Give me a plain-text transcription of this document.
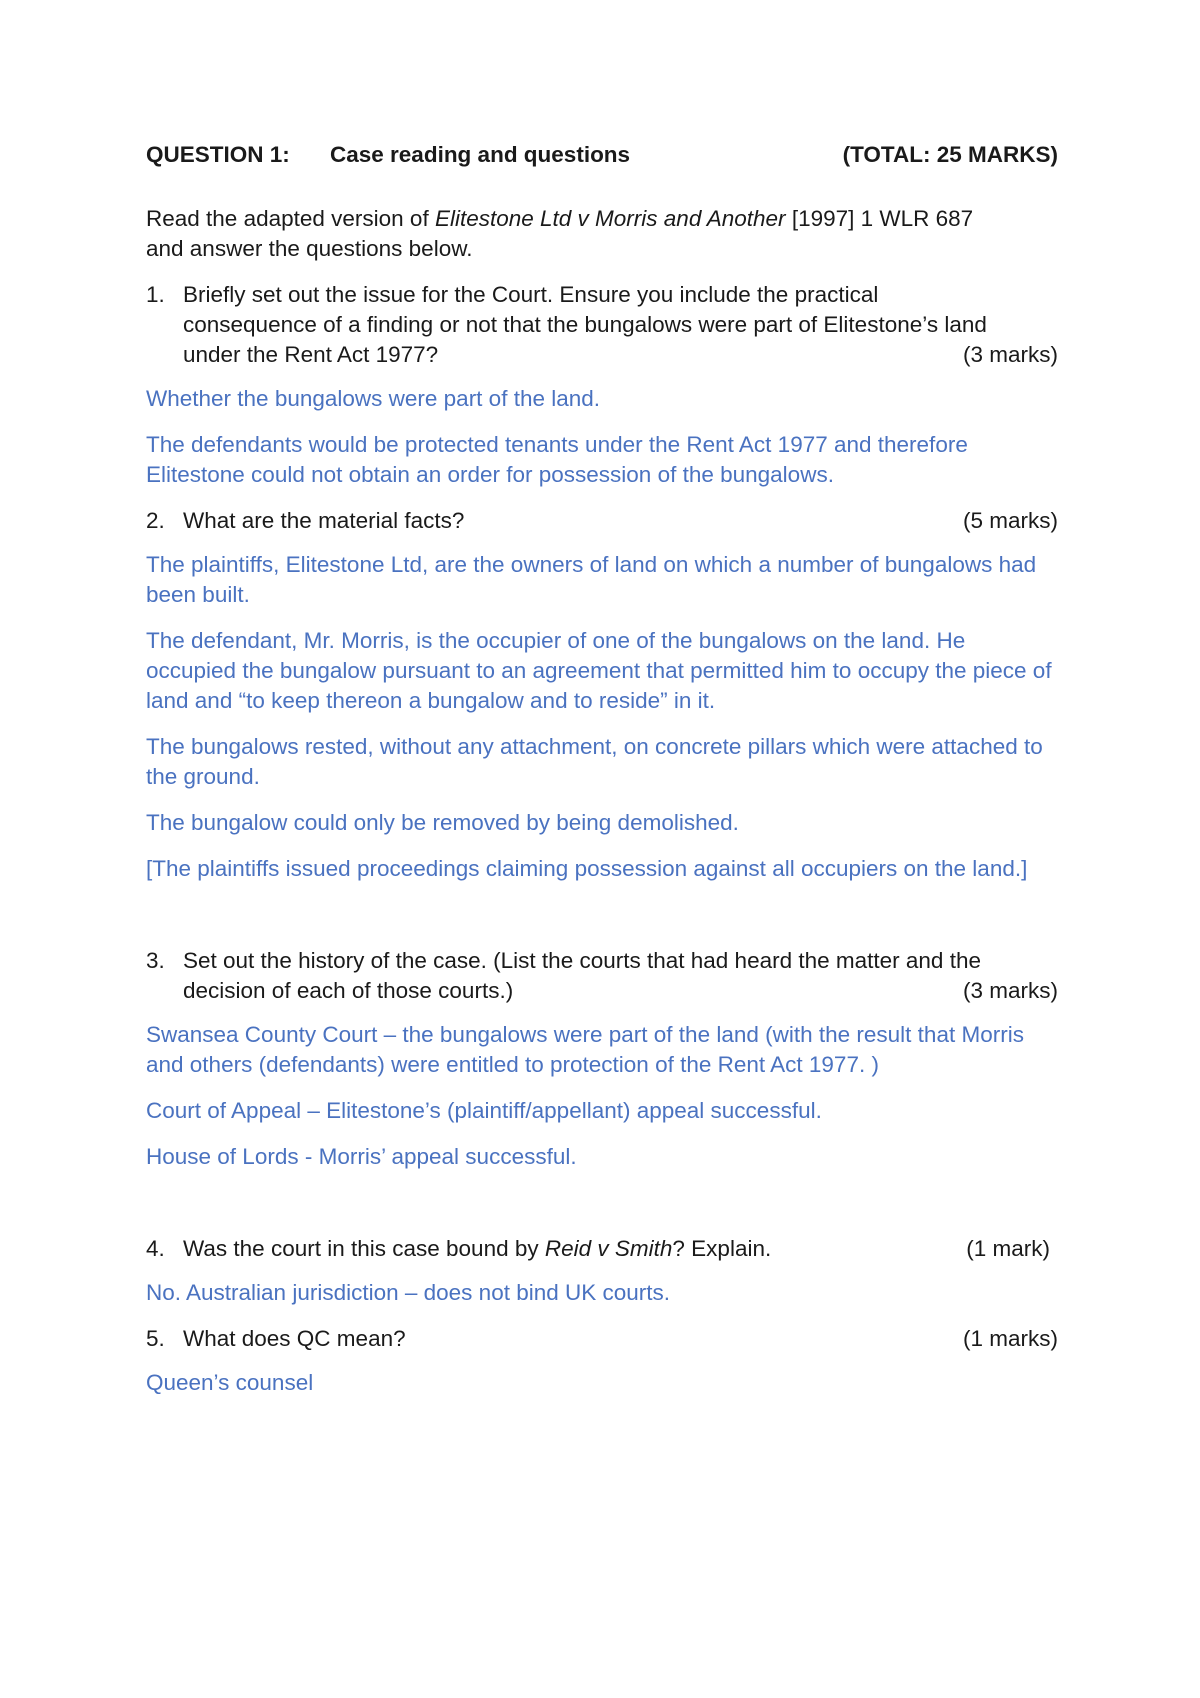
QUESTION 1:	Case reading and questions	(TOTAL: 25 MARKS)
Read the adapted version of Elitestone Ltd v Morris and Another [1997] 1 WLR 687
and answer the questions below.
1. Briefly set out the issue for the Court. Ensure you include the practical
consequence of a finding or not that the bungalows were part of Elitestone’s land
under the Rent Act 1977?	(3 marks)
Whether the bungalows were part of the land.
The defendants would be protected tenants under the Rent Act 1977 and therefore Elitestone could not obtain an order for possession of the bungalows.
2. What are the material facts?	(5 marks)
The plaintiffs, Elitestone Ltd, are the owners of land on which a number of bungalows had been built.
The defendant, Mr. Morris, is the occupier of one of the bungalows on the land. He occupied the bungalow pursuant to an agreement that permitted him to occupy the piece of land and “to keep thereon a bungalow and to reside” in it.
The bungalows rested, without any attachment, on concrete pillars which were attached to the ground.
The bungalow could only be removed by being demolished.
[The plaintiffs issued proceedings claiming possession against all occupiers on the land.]
3. Set out the history of the case. (List the courts that had heard the matter and the
decision of each of those courts.)	(3 marks)
Swansea County Court – the bungalows were part of the land (with the result that Morris and others (defendants) were entitled to protection of the Rent Act 1977. )
Court of Appeal – Elitestone’s (plaintiff/appellant) appeal successful.
House of Lords - Morris’ appeal successful.
4. Was the court in this case bound by Reid v Smith? Explain.	(1 mark)
No. Australian jurisdiction – does not bind UK courts.
5. What does QC mean?	(1 marks)
Queen’s counsel
